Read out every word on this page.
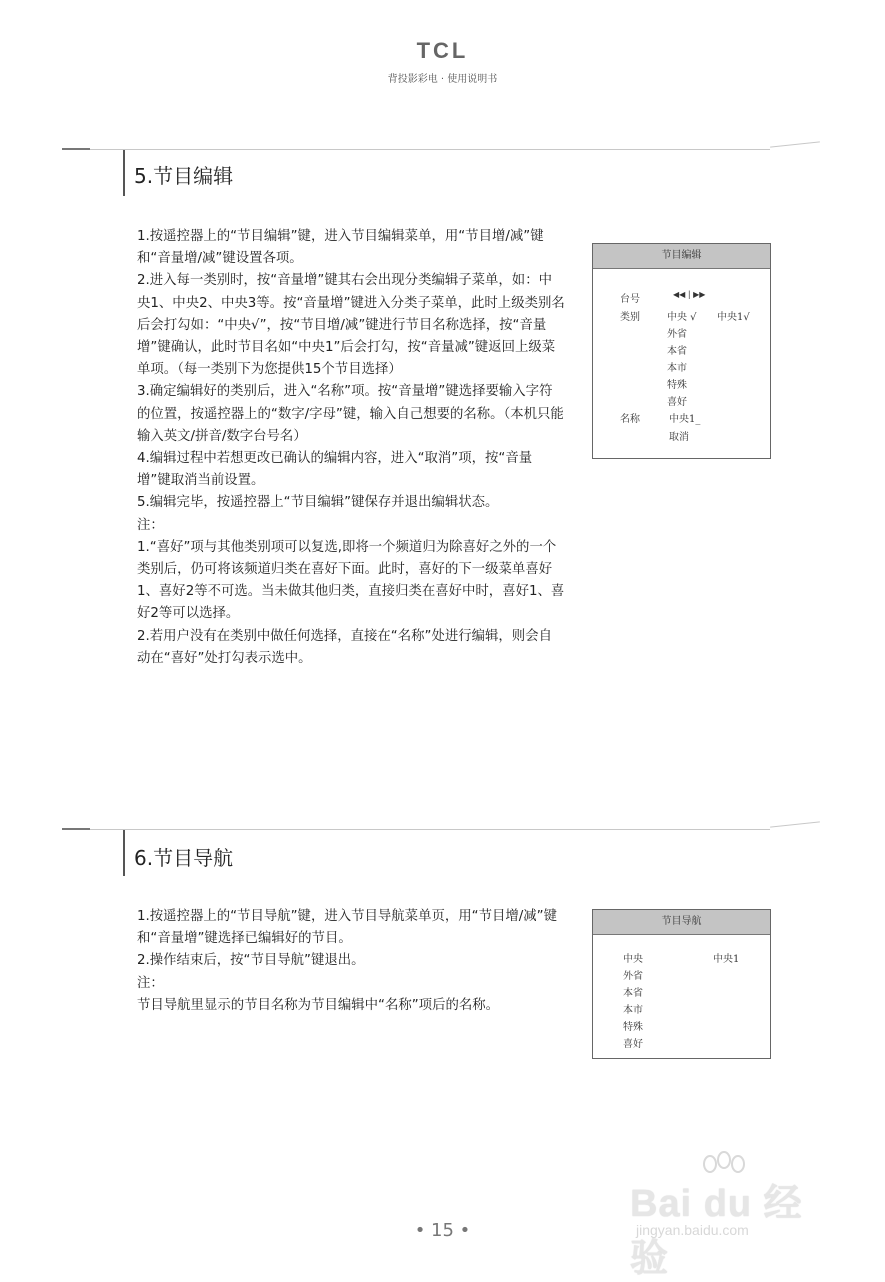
TCL
背投影彩电 · 使用说明书
5.节目编辑

1.按遥控器上的“节目编辑”键，进入节目编辑菜单，用“节目增/减”键和“音量增/减”键设置各项。

2.进入每一类别时，按“音量增”键其右会出现分类编辑子菜单，如：中央1、中央2、中央3等。按“音量增”键进入分类子菜单，此时上级类别名后会打勾如：“中央√”，按“节目增/减”键进行节目名称选择，按“音量增”键确认，此时节目名如“中央1”后会打勾，按“音量减”键返回上级菜单项。（每一类别下为您提供15个节目选择）

3.确定编辑好的类别后，进入“名称”项。按“音量增”键选择要输入字符的位置，按遥控器上的“数字/字母”键，输入自己想要的名称。（本机只能输入英文/拼音/数字台号名）

4.编辑过程中若想更改已确认的编辑内容，进入“取消”项，按“音量增”键取消当前设置。

5.编辑完毕，按遥控器上“节目编辑”键保存并退出编辑状态。

注：

1.“喜好”项与其他类别项可以复选,即将一个频道归为除喜好之外的一个类别后，仍可将该频道归类在喜好下面。此时，喜好的下一级菜单喜好1、喜好2等不可选。当未做其他归类，直接归类在喜好中时，喜好1、喜好2等可以选择。

2.若用户没有在类别中做任何选择，直接在“名称”处进行编辑，则会自动在“喜好”处打勾表示选中。

节目编辑
台号	◀◀ | ▶▶
类别	中央 √ 中央1√
外省
本省
本市
特殊
喜好
名称	中央1_
取消
6.节目导航

1.按遥控器上的“节目导航”键，进入节目导航菜单页，用“节目增/减”键和“音量增”键选择已编辑好的节目。

2.操作结束后，按“节目导航”键退出。

注：

节目导航里显示的节目名称为节目编辑中“名称”项后的名称。

节目导航
中央	中央1
外省
本省
本市
特殊
喜好
Bai du 经验
jingyan.baidu.com
• 15 •
